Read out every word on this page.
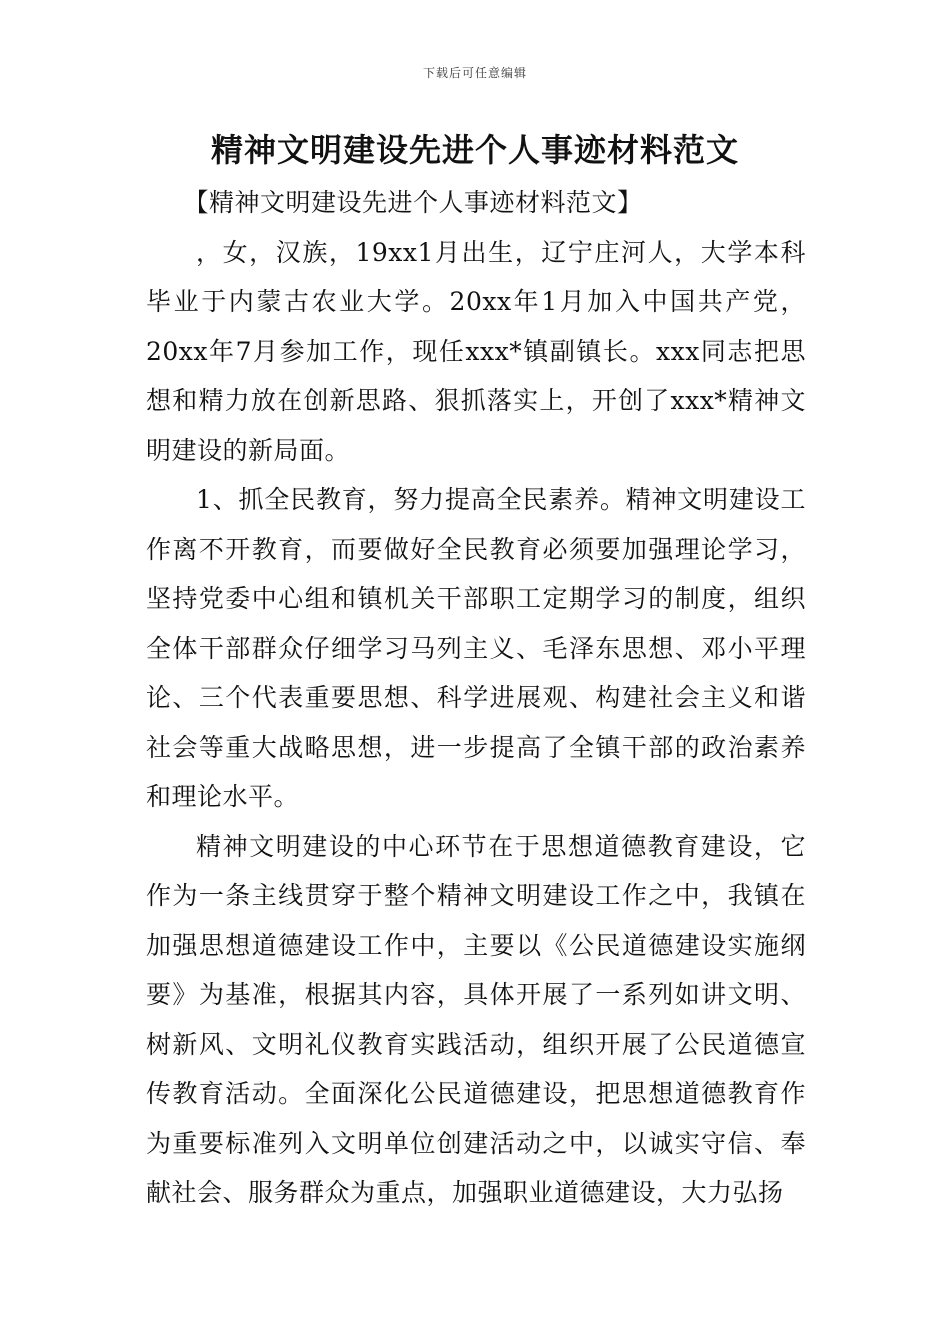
下载后可任意编辑
精神文明建设先进个人事迹材料范文

【精神文明建设先进个人事迹材料范文】

，女，汉族，19xx1月出生，辽宁庄河人，大学本科毕业于内蒙古农业大学。20xx年1月加入中国共产党，20xx年7月参加工作，现任xxx*镇副镇长。xxx同志把思想和精力放在创新思路、狠抓落实上，开创了xxx*精神文明建设的新局面。

1、抓全民教育，努力提高全民素养。精神文明建设工作离不开教育，而要做好全民教育必须要加强理论学习，坚持党委中心组和镇机关干部职工定期学习的制度，组织全体干部群众仔细学习马列主义、毛泽东思想、邓小平理论、三个代表重要思想、科学进展观、构建社会主义和谐社会等重大战略思想，进一步提高了全镇干部的政治素养和理论水平。

精神文明建设的中心环节在于思想道德教育建设，它作为一条主线贯穿于整个精神文明建设工作之中，我镇在加强思想道德建设工作中，主要以《公民道德建设实施纲要》为基准，根据其内容，具体开展了一系列如讲文明、树新风、文明礼仪教育实践活动，组织开展了公民道德宣传教育活动。全面深化公民道德建设，把思想道德教育作为重要标准列入文明单位创建活动之中，以诚实守信、奉献社会、服务群众为重点，加强职业道德建设，大力弘扬
